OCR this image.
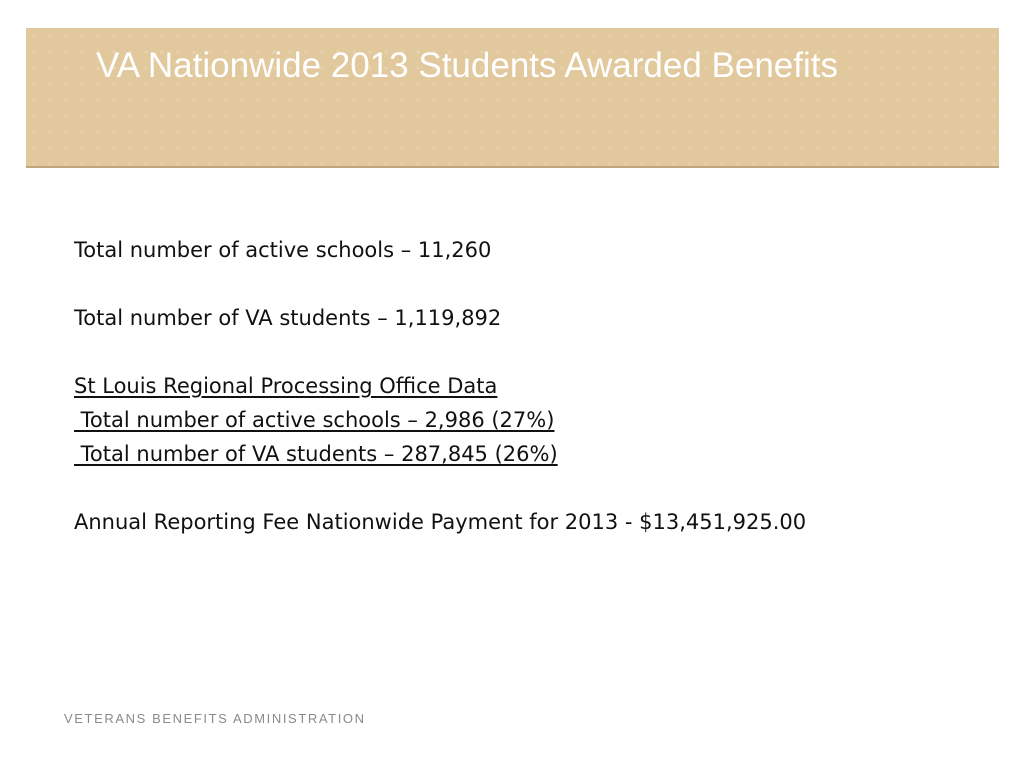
VA Nationwide 2013 Students Awarded Benefits
Total number of active schools – 11,260
Total number of VA students – 1,119,892
St Louis Regional Processing Office Data
Total number of active schools – 2,986 (27%)
Total number of VA students – 287,845 (26%)
Annual Reporting Fee Nationwide Payment for 2013 - $13,451,925.00
VETERANS BENEFITS ADMINISTRATION
